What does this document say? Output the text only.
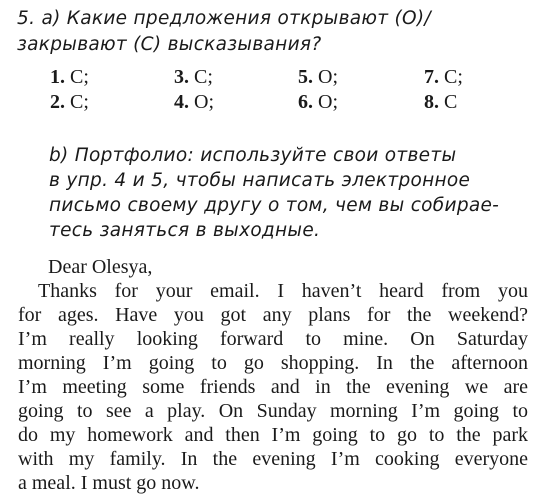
5. a) Какие предложения открывают (O)/
закрывают (С) высказывания?
1. C;	3. C;	5. O;	7. C;
2. C;	4. O;	6. O;	8. C
b) Портфолио: используйте свои ответы
в упр. 4 и 5, чтобы написать электронное
письмо своему другу о том, чем вы собирае-
тесь заняться в выходные.
Dear Olesya,
Thanks for your email. I haven’t heard from you
for ages. Have you got any plans for the weekend?
I’m really looking forward to mine. On Saturday
morning I’m going to go shopping. In the afternoon
I’m meeting some friends and in the evening we are
going to see a play. On Sunday morning I’m going to
do my homework and then I’m going to go to the park
with my family. In the evening I’m cooking everyone
a meal. I must go now.
